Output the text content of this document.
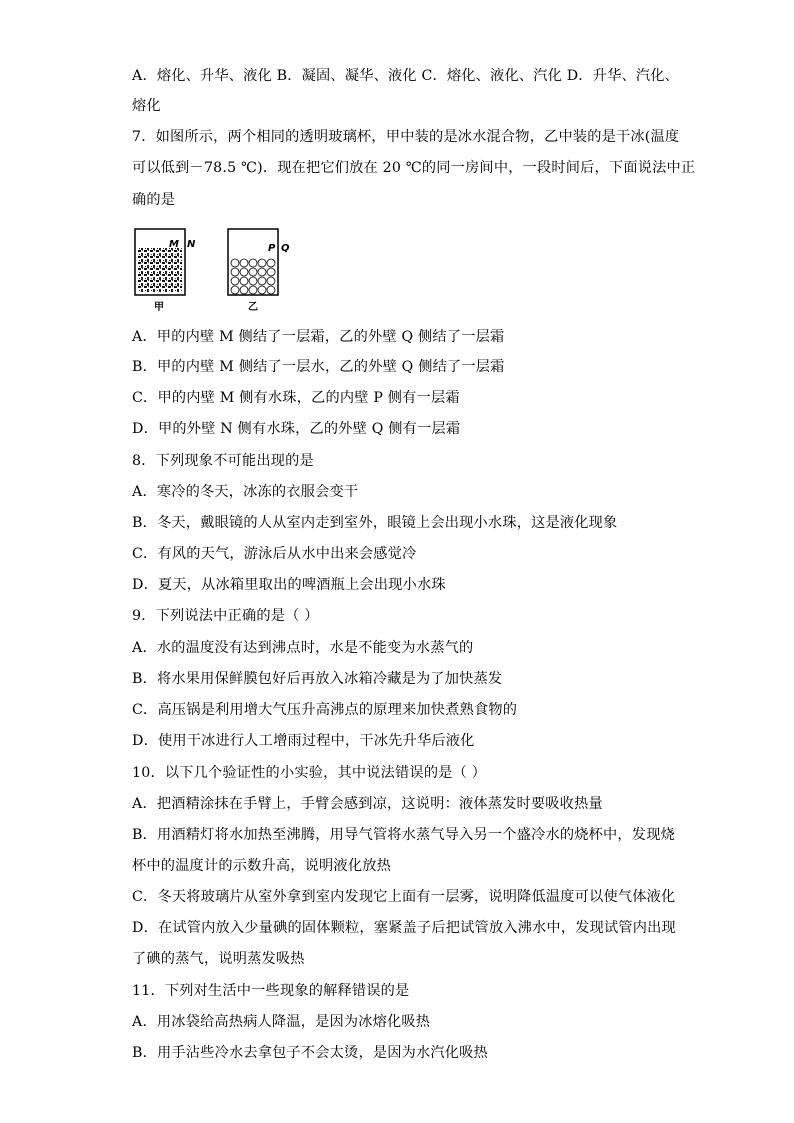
A．熔化、升华、液化 B．凝固、凝华、液化 C．熔化、液化、汽化 D．升华、汽化、
熔化
7．如图所示，两个相同的透明玻璃杯，甲中装的是冰水混合物，乙中装的是干冰(温度
可以低到－78.5 ℃)．现在把它们放在 20 ℃的同一房间中，一段时间后，下面说法中正
确的是
M N
甲
P Q
乙
A．甲的内壁 M 侧结了一层霜，乙的外壁 Q 侧结了一层霜
B．甲的内壁 M 侧结了一层水，乙的外壁 Q 侧结了一层霜
C．甲的内壁 M 侧有水珠，乙的内壁 P 侧有一层霜
D．甲的外壁 N 侧有水珠，乙的外壁 Q 侧有一层霜
8．下列现象不可能出现的是
A．寒冷的冬天，冰冻的衣服会变干
B．冬天，戴眼镜的人从室内走到室外，眼镜上会出现小水珠，这是液化现象
C．有风的天气，游泳后从水中出来会感觉冷
D．夏天，从冰箱里取出的啤酒瓶上会出现小水珠
9．下列说法中正确的是（ ）
A．水的温度没有达到沸点时，水是不能变为水蒸气的
B．将水果用保鲜膜包好后再放入冰箱冷藏是为了加快蒸发
C．高压锅是利用增大气压升高沸点的原理来加快煮熟食物的
D．使用干冰进行人工增雨过程中，干冰先升华后液化
10．以下几个验证性的小实验，其中说法错误的是（ ）
A．把酒精涂抹在手臂上，手臂会感到凉，这说明：液体蒸发时要吸收热量
B．用酒精灯将水加热至沸腾，用导气管将水蒸气导入另一个盛冷水的烧杯中，发现烧
杯中的温度计的示数升高，说明液化放热
C．冬天将玻璃片从室外拿到室内发现它上面有一层雾，说明降低温度可以使气体液化
D．在试管内放入少量碘的固体颗粒，塞紧盖子后把试管放入沸水中，发现试管内出现
了碘的蒸气，说明蒸发吸热
11．下列对生活中一些现象的解释错误的是
A．用冰袋给高热病人降温，是因为冰熔化吸热
B．用手沾些冷水去拿包子不会太烫，是因为水汽化吸热
